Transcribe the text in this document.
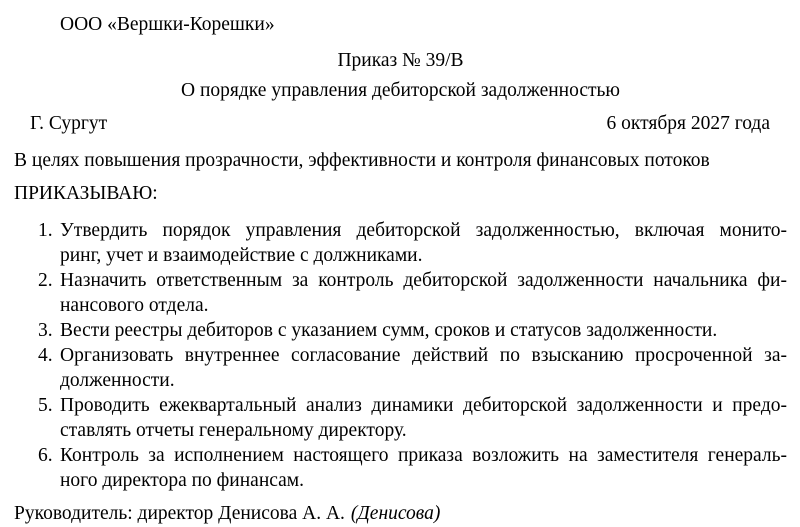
ООО «Вершки-Корешки»

Приказ № 39/В

О порядке управления дебиторской задолженностью

Г. Сургут	6 октября 2027 года

В целях повышения прозрачности, эффективности и контроля финансовых потоков

ПРИКАЗЫВАЮ:

1. Утвердить порядок управления дебиторской задолженностью, включая монито-
ринг, учет и взаимодействие с должниками.
2. Назначить ответственным за контроль дебиторской задолженности начальника фи-
нансового отдела.
3. Вести реестры дебиторов с указанием сумм, сроков и статусов задолженности.
4. Организовать внутреннее согласование действий по взысканию просроченной за-
долженности.
5. Проводить ежеквартальный анализ динамики дебиторской задолженности и предо-
ставлять отчеты генеральному директору.
6. Контроль за исполнением настоящего приказа возложить на заместителя генераль-
ного директора по финансам.

Руководитель: директор Денисова А. А. (Денисова)
